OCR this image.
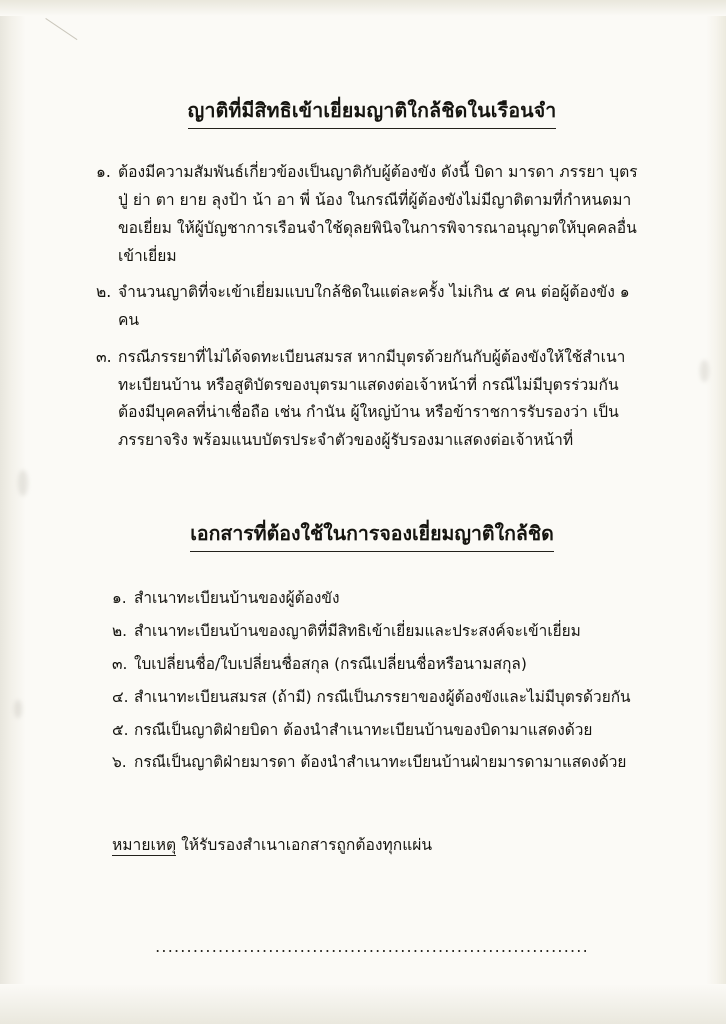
ญาติที่มีสิทธิเข้าเยี่ยมญาติใกล้ชิดในเรือนจำ
๑. ต้องมีความสัมพันธ์เกี่ยวข้องเป็นญาติกับผู้ต้องขัง ดังนี้ บิดา มารดา ภรรยา บุตร ปู่ ย่า ตา ยาย ลุงป้า น้า อา พี่ น้อง ในกรณีที่ผู้ต้องขังไม่มีญาติตามที่กำหนดมาขอเยี่ยม ให้ผู้บัญชาการเรือนจำใช้ดุลยพินิจในการพิจารณาอนุญาตให้บุคคลอื่นเข้าเยี่ยม
๒. จำนวนญาติที่จะเข้าเยี่ยมแบบใกล้ชิดในแต่ละครั้ง ไม่เกิน ๕ คน ต่อผู้ต้องขัง ๑ คน
๓. กรณีภรรยาที่ไม่ได้จดทะเบียนสมรส หากมีบุตรด้วยกันกับผู้ต้องขังให้ใช้สำเนาทะเบียนบ้าน หรือสูติบัตรของบุตรมาแสดงต่อเจ้าหน้าที่ กรณีไม่มีบุตรร่วมกัน ต้องมีบุคคลที่น่าเชื่อถือ เช่น กำนัน ผู้ใหญ่บ้าน หรือข้าราชการรับรองว่า เป็นภรรยาจริง พร้อมแนบบัตรประจำตัวของผู้รับรองมาแสดงต่อเจ้าหน้าที่
เอกสารที่ต้องใช้ในการจองเยี่ยมญาติใกล้ชิด
๑. สำเนาทะเบียนบ้านของผู้ต้องขัง
๒. สำเนาทะเบียนบ้านของญาติที่มีสิทธิเข้าเยี่ยมและประสงค์จะเข้าเยี่ยม
๓. ใบเปลี่ยนชื่อ/ใบเปลี่ยนชื่อสกุล (กรณีเปลี่ยนชื่อหรือนามสกุล)
๔. สำเนาทะเบียนสมรส (ถ้ามี) กรณีเป็นภรรยาของผู้ต้องขังและไม่มีบุตรด้วยกัน
๕. กรณีเป็นญาติฝ่ายบิดา ต้องนำสำเนาทะเบียนบ้านของบิดามาแสดงด้วย
๖. กรณีเป็นญาติฝ่ายมารดา ต้องนำสำเนาทะเบียนบ้านฝ่ายมารดามาแสดงด้วย
หมายเหตุ ให้รับรองสำเนาเอกสารถูกต้องทุกแผ่น
.....................................................................
